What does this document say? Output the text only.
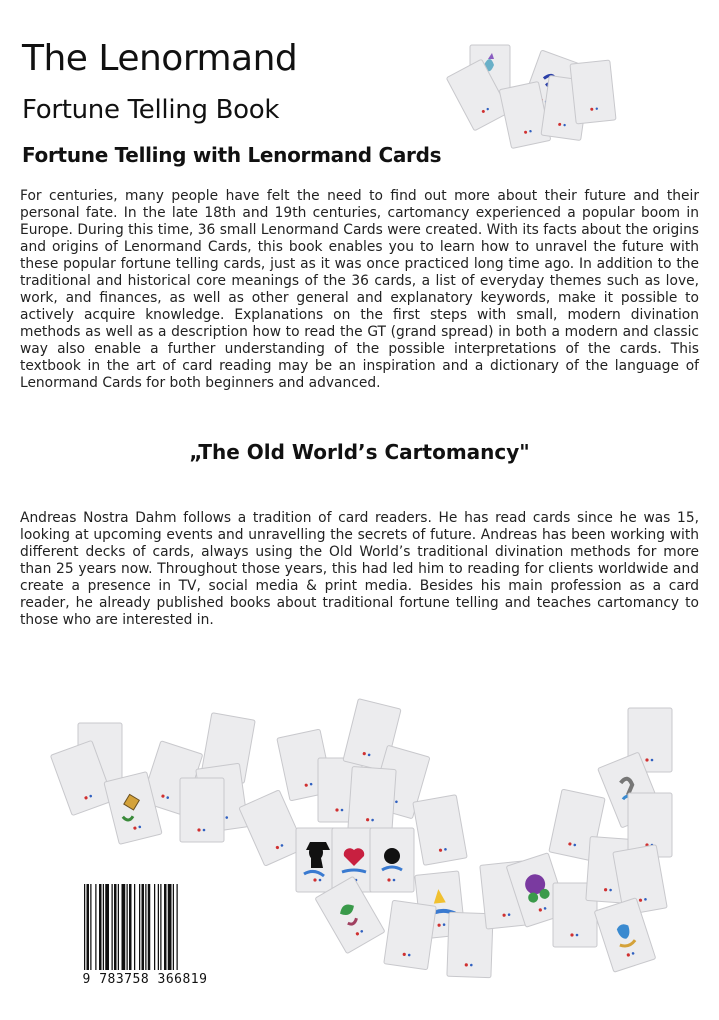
The Lenormand
Fortune Telling Book
Fortune Telling with Lenormand Cards

For centuries, many people have felt the need to find out more about their future and their personal fate. In the late 18th and 19th centuries, cartomancy experienced a popular boom in Europe. During this time, 36 small Lenormand Cards were created. With its facts about the origins and origins of Lenormand Cards, this book enables you to learn how to unravel the future with these popular fortune telling cards, just as it was once practiced long time ago. In addition to the traditional and historical core meanings of the 36 cards, a list of everyday themes such as love, work, and finances, as well as other general and explanatory keywords, make it possible to actively acquire knowledge. Explanations on the first steps with small, modern divination methods as well as a description how to read the GT (grand spread) in both a modern and classic way also enable a further understanding of the possible interpretations of the cards. This textbook in the art of card reading may be an inspiration and a dictionary of the language of Lenormand Cards for both beginners and advanced.

„The Old World’s Cartomancy"

Andreas Nostra Dahm follows a tradition of card readers. He has read cards since he was 15, looking at upcoming events and unravelling the secrets of future. Andreas has been working with different decks of cards, always using the Old World’s traditional divination methods for more than 25 years now. Throughout those years, this had led him to reading for clients worldwide and create a presence in TV, social media & print media. Besides his main profession as a card reader, he already published books about traditional fortune telling and teaches cartomancy to those who are interested in.

9 783758 366819
